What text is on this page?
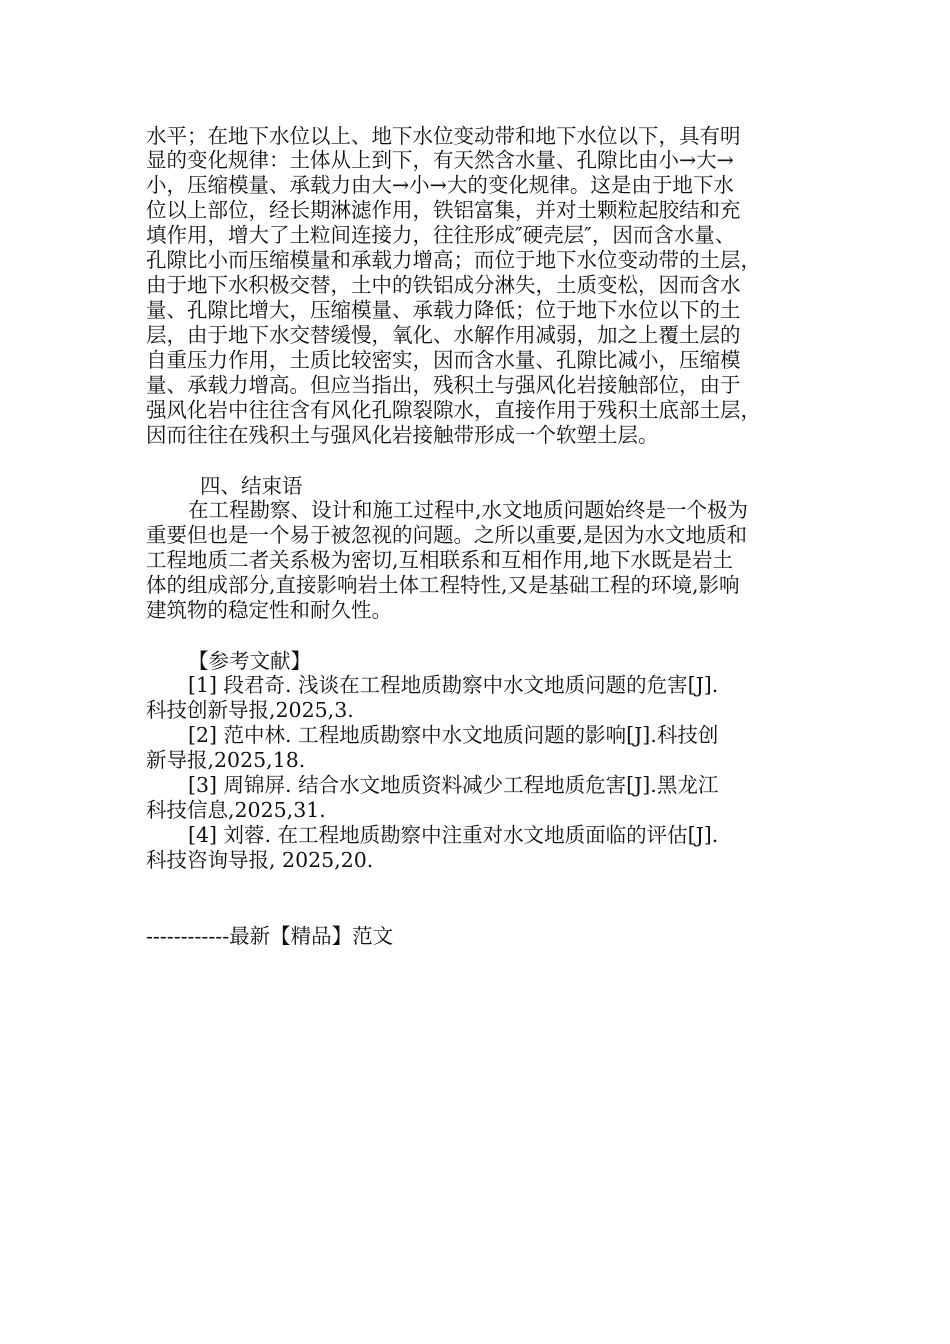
水平；在地下水位以上、地下水位变动带和地下水位以下，具有明
显的变化规律：土体从上到下，有天然含水量、孔隙比由小→大→
小，压缩模量、承载力由大→小→大的变化规律。这是由于地下水
位以上部位，经长期淋滤作用，铁铝富集，并对土颗粒起胶结和充
填作用，增大了土粒间连接力，往往形成″硬壳层″，因而含水量、
孔隙比小而压缩模量和承载力增高；而位于地下水位变动带的土层，
由于地下水积极交替，土中的铁铝成分淋失，土质变松，因而含水
量、孔隙比增大，压缩模量、承载力降低；位于地下水位以下的土
层，由于地下水交替缓慢，氧化、水解作用减弱，加之上覆土层的
自重压力作用，土质比较密实，因而含水量、孔隙比减小，压缩模
量、承载力增高。但应当指出，残积土与强风化岩接触部位，由于
强风化岩中往往含有风化孔隙裂隙水，直接作用于残积土底部土层，
因而往往在残积土与强风化岩接触带形成一个软塑土层。
四、结束语
在工程勘察、设计和施工过程中,水文地质问题始终是一个极为
重要但也是一个易于被忽视的问题。之所以重要,是因为水文地质和
工程地质二者关系极为密切,互相联系和互相作用,地下水既是岩土
体的组成部分,直接影响岩土体工程特性,又是基础工程的环境,影响
建筑物的稳定性和耐久性。
【参考文献】
[1] 段君奇. 浅谈在工程地质勘察中水文地质问题的危害[J].
科技创新导报,2025,3.
[2] 范中林. 工程地质勘察中水文地质问题的影响[J].科技创
新导报,2025,18.
[3] 周锦屏. 结合水文地质资料减少工程地质危害[J].黑龙江
科技信息,2025,31.
[4] 刘蓉. 在工程地质勘察中注重对水文地质面临的评估[J].
科技咨询导报, 2025,20.
------------最新【精品】范文
